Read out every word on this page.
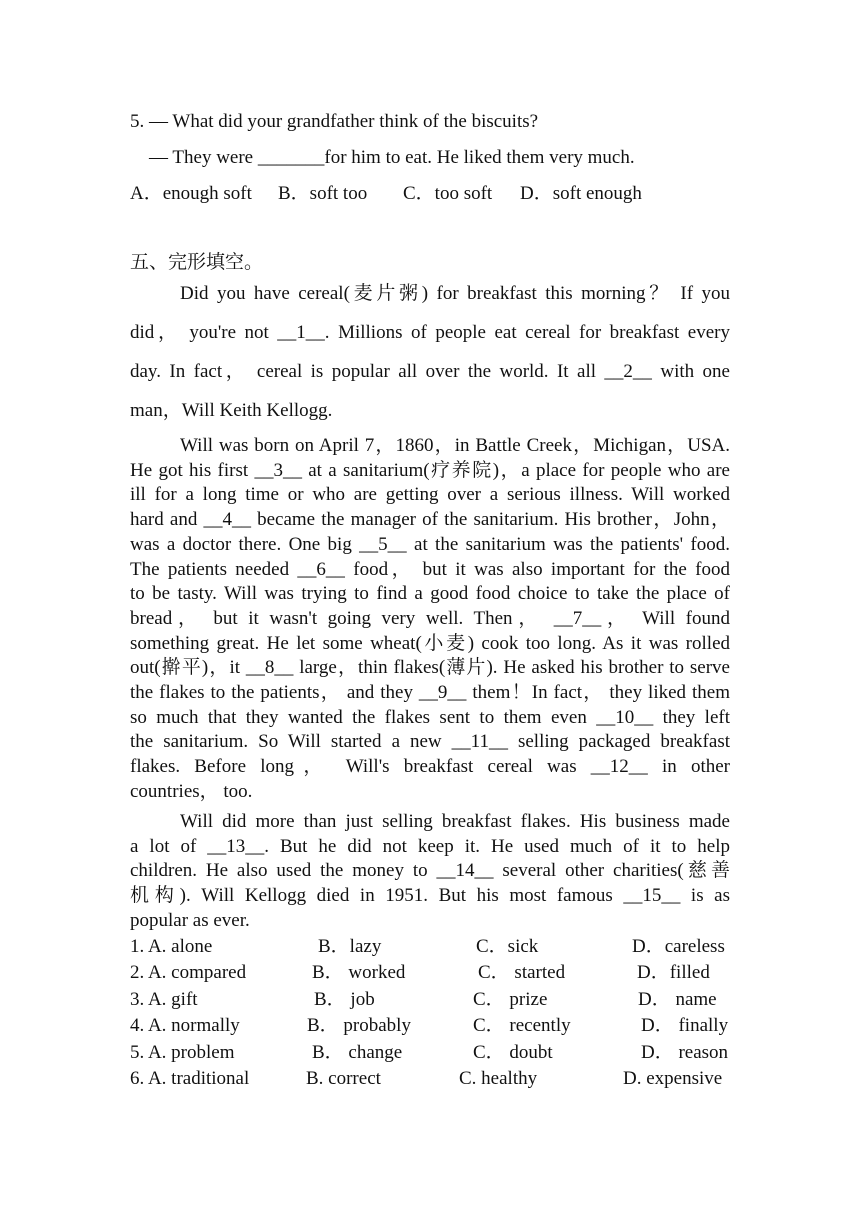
5. — What did your grandfather think of the biscuits?
— They were _______for him to eat. He liked them very much.
A．enough soft B．soft too C．too soft D．soft enough
五、完形填空。
Did you have cereal(麦片粥) for breakfast this morning？ If you
did， you're not __1__. Millions of people eat cereal for breakfast every
day. In fact， cereal is popular all over the world. It all __2__ with one
man，Will Keith Kellogg.
Will was born on April 7，1860，in Battle Creek，Michigan，USA.
He got his first __3__ at a sanitarium(疗养院)，a place for people who are
ill for a long time or who are getting over a serious illness. Will worked
hard and __4__ became the manager of the sanitarium. His brother，John，
was a doctor there. One big __5__ at the sanitarium was the patients' food.
The patients needed __6__ food， but it was also important for the food
to be tasty. Will was trying to find a good food choice to take the place of
bread， but it wasn't going very well. Then， __7__， Will found
something great. He let some wheat(小麦) cook too long. As it was rolled
out(擀平)，it __8__ large，thin flakes(薄片). He asked his brother to serve
the flakes to the patients， and they __9__ them！In fact， they liked them
so much that they wanted the flakes sent to them even __10__ they left
the sanitarium. So Will started a new __11__ selling packaged breakfast
flakes. Before long， Will's breakfast cereal was __12__ in other
countries， too.
Will did more than just selling breakfast flakes. His business made
a lot of __13__. But he did not keep it. He used much of it to help
children. He also used the money to __14__ several other charities(慈善
机构). Will Kellogg died in 1951. But his most famous __15__ is as
popular as ever.
1. A. alone	B．lazy	C．sick	D．careless
2. A. compared	B． worked	C． started	D．filled
3. A. gift	B． job	C． prize	D． name
4. A. normally	B． probably	C． recently	D． finally
5. A. problem	B． change	C． doubt	D． reason
6. A. traditional	B. correct	C. healthy	D. expensive
